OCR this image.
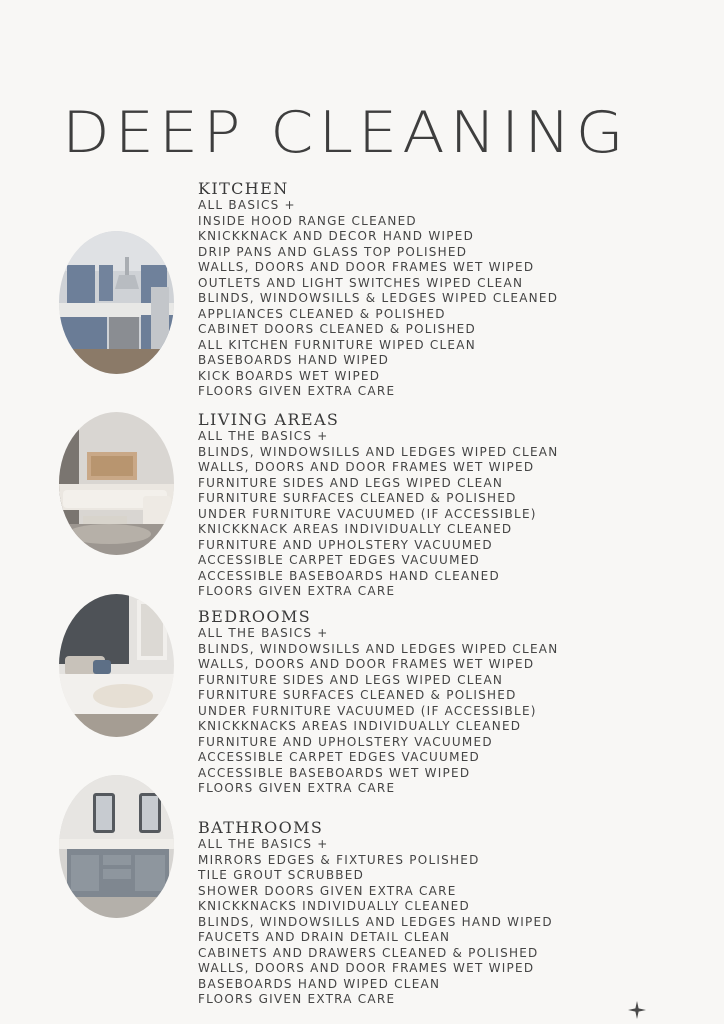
DEEP CLEANING
KITCHEN
ALL BASICS +
INSIDE HOOD RANGE CLEANED
KNICKKNACK AND DECOR HAND WIPED
DRIP PANS AND GLASS TOP POLISHED
WALLS, DOORS AND DOOR FRAMES WET WIPED
OUTLETS AND LIGHT SWITCHES WIPED CLEAN
BLINDS, WINDOWSILLS & LEDGES WIPED CLEANED
APPLIANCES CLEANED & POLISHED
CABINET DOORS CLEANED & POLISHED
ALL KITCHEN FURNITURE WIPED CLEAN
BASEBOARDS HAND WIPED
KICK BOARDS WET WIPED
FLOORS GIVEN EXTRA CARE
LIVING AREAS
ALL THE BASICS +
BLINDS, WINDOWSILLS AND LEDGES WIPED CLEAN
WALLS, DOORS AND DOOR FRAMES WET WIPED
FURNITURE SIDES AND LEGS WIPED CLEAN
FURNITURE SURFACES CLEANED & POLISHED
UNDER FURNITURE VACUUMED (IF ACCESSIBLE)
KNICKKNACK AREAS INDIVIDUALLY CLEANED
FURNITURE AND UPHOLSTERY VACUUMED
ACCESSIBLE CARPET EDGES VACUUMED
ACCESSIBLE BASEBOARDS HAND CLEANED
FLOORS GIVEN EXTRA CARE
BEDROOMS
ALL THE BASICS +
BLINDS, WINDOWSILLS AND LEDGES WIPED CLEAN
WALLS, DOORS AND DOOR FRAMES WET WIPED
FURNITURE SIDES AND LEGS WIPED CLEAN
FURNITURE SURFACES CLEANED & POLISHED
UNDER FURNITURE VACUUMED (IF ACCESSIBLE)
KNICKKNACKS AREAS INDIVIDUALLY CLEANED
FURNITURE AND UPHOLSTERY VACUUMED
ACCESSIBLE CARPET EDGES VACUUMED
ACCESSIBLE BASEBOARDS WET WIPED
FLOORS GIVEN EXTRA CARE
BATHROOMS
ALL THE BASICS +
MIRRORS EDGES & FIXTURES POLISHED
TILE GROUT SCRUBBED
SHOWER DOORS GIVEN EXTRA CARE
KNICKKNACKS INDIVIDUALLY CLEANED
BLINDS, WINDOWSILLS AND LEDGES HAND WIPED
FAUCETS AND DRAIN DETAIL CLEAN
CABINETS AND DRAWERS CLEANED & POLISHED
WALLS, DOORS AND DOOR FRAMES WET WIPED
BASEBOARDS HAND WIPED CLEAN
FLOORS GIVEN EXTRA CARE
